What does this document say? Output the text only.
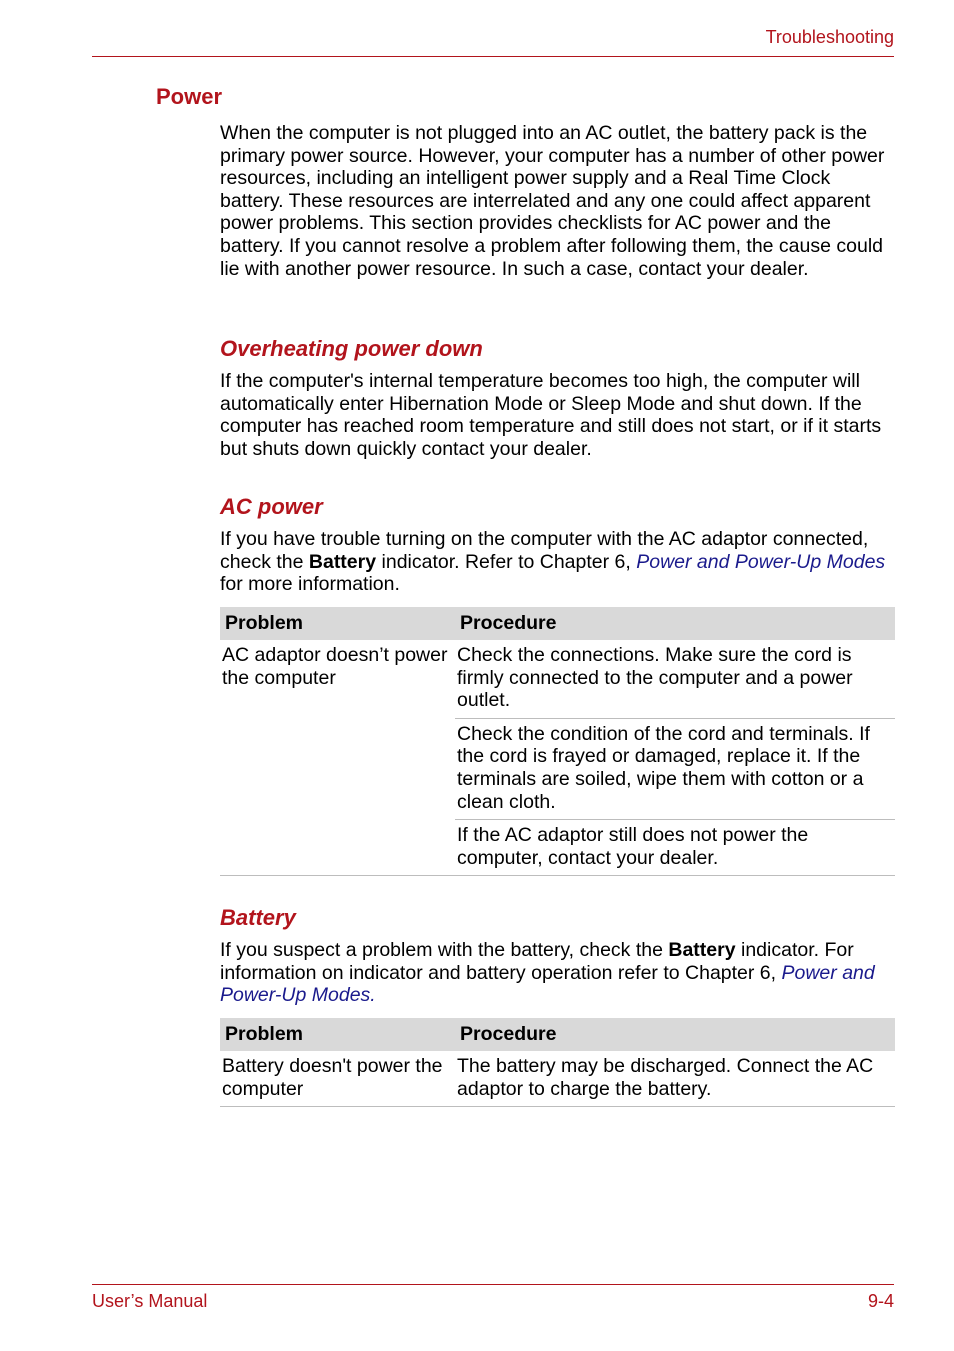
Troubleshooting
Power

When the computer is not plugged into an AC outlet, the battery pack is the primary power source. However, your computer has a number of other power resources, including an intelligent power supply and a Real Time Clock battery. These resources are interrelated and any one could affect apparent power problems. This section provides checklists for AC power and the battery. If you cannot resolve a problem after following them, the cause could lie with another power resource. In such a case, contact your dealer.

Overheating power down

If the computer's internal temperature becomes too high, the computer will automatically enter Hibernation Mode or Sleep Mode and shut down. If the computer has reached room temperature and still does not start, or if it starts but shuts down quickly contact your dealer.

AC power

If you have trouble turning on the computer with the AC adaptor connected, check the Battery indicator. Refer to Chapter 6, Power and Power-Up Modes for more information.

Problem	Procedure
AC adaptor doesn’t power the computer	Check the connections. Make sure the cord is firmly connected to the computer and a power outlet.
	Check the condition of the cord and terminals. If the cord is frayed or damaged, replace it. If the terminals are soiled, wipe them with cotton or a clean cloth.
	If the AC adaptor still does not power the computer, contact your dealer.
Battery

If you suspect a problem with the battery, check the Battery indicator. For information on indicator and battery operation refer to Chapter 6, Power and Power-Up Modes.

Problem	Procedure
Battery doesn't power the computer	The battery may be discharged. Connect the AC adaptor to charge the battery.
User’s Manual	9-4
